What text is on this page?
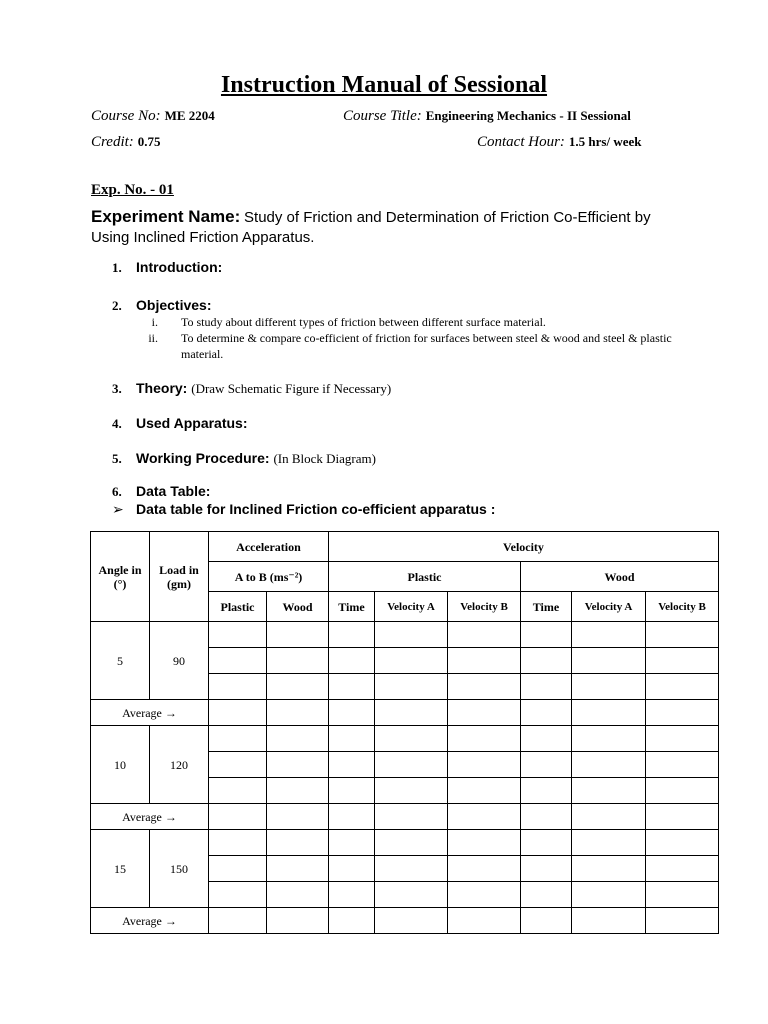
Instruction Manual of Sessional
Course No: ME 2204	Course Title: Engineering Mechanics - II Sessional
Credit: 0.75	Contact Hour: 1.5 hrs/ week
Exp. No. - 01
Experiment Name: Study of Friction and Determination of Friction Co-Efficient by Using Inclined Friction Apparatus.
1. Introduction:
2. Objectives:
i. To study about different types of friction between different surface material.
ii. To determine & compare co-efficient of friction for surfaces between steel & wood and steel & plastic material.
3. Theory: (Draw Schematic Figure if Necessary)
4. Used Apparatus:
5. Working Procedure: (In Block Diagram)
6. Data Table:
➢ Data table for Inclined Friction co-efficient apparatus :
Angle in (°)	Load in (gm)	Acceleration		Velocity					
		A to B (ms⁻²)		Plastic			Wood		
		Plastic	Wood	Time	Velocity A	Velocity B	Time	Velocity A	Velocity B
5	90								

Average →									
10	120								

Average →									
15	150								

Average →									
